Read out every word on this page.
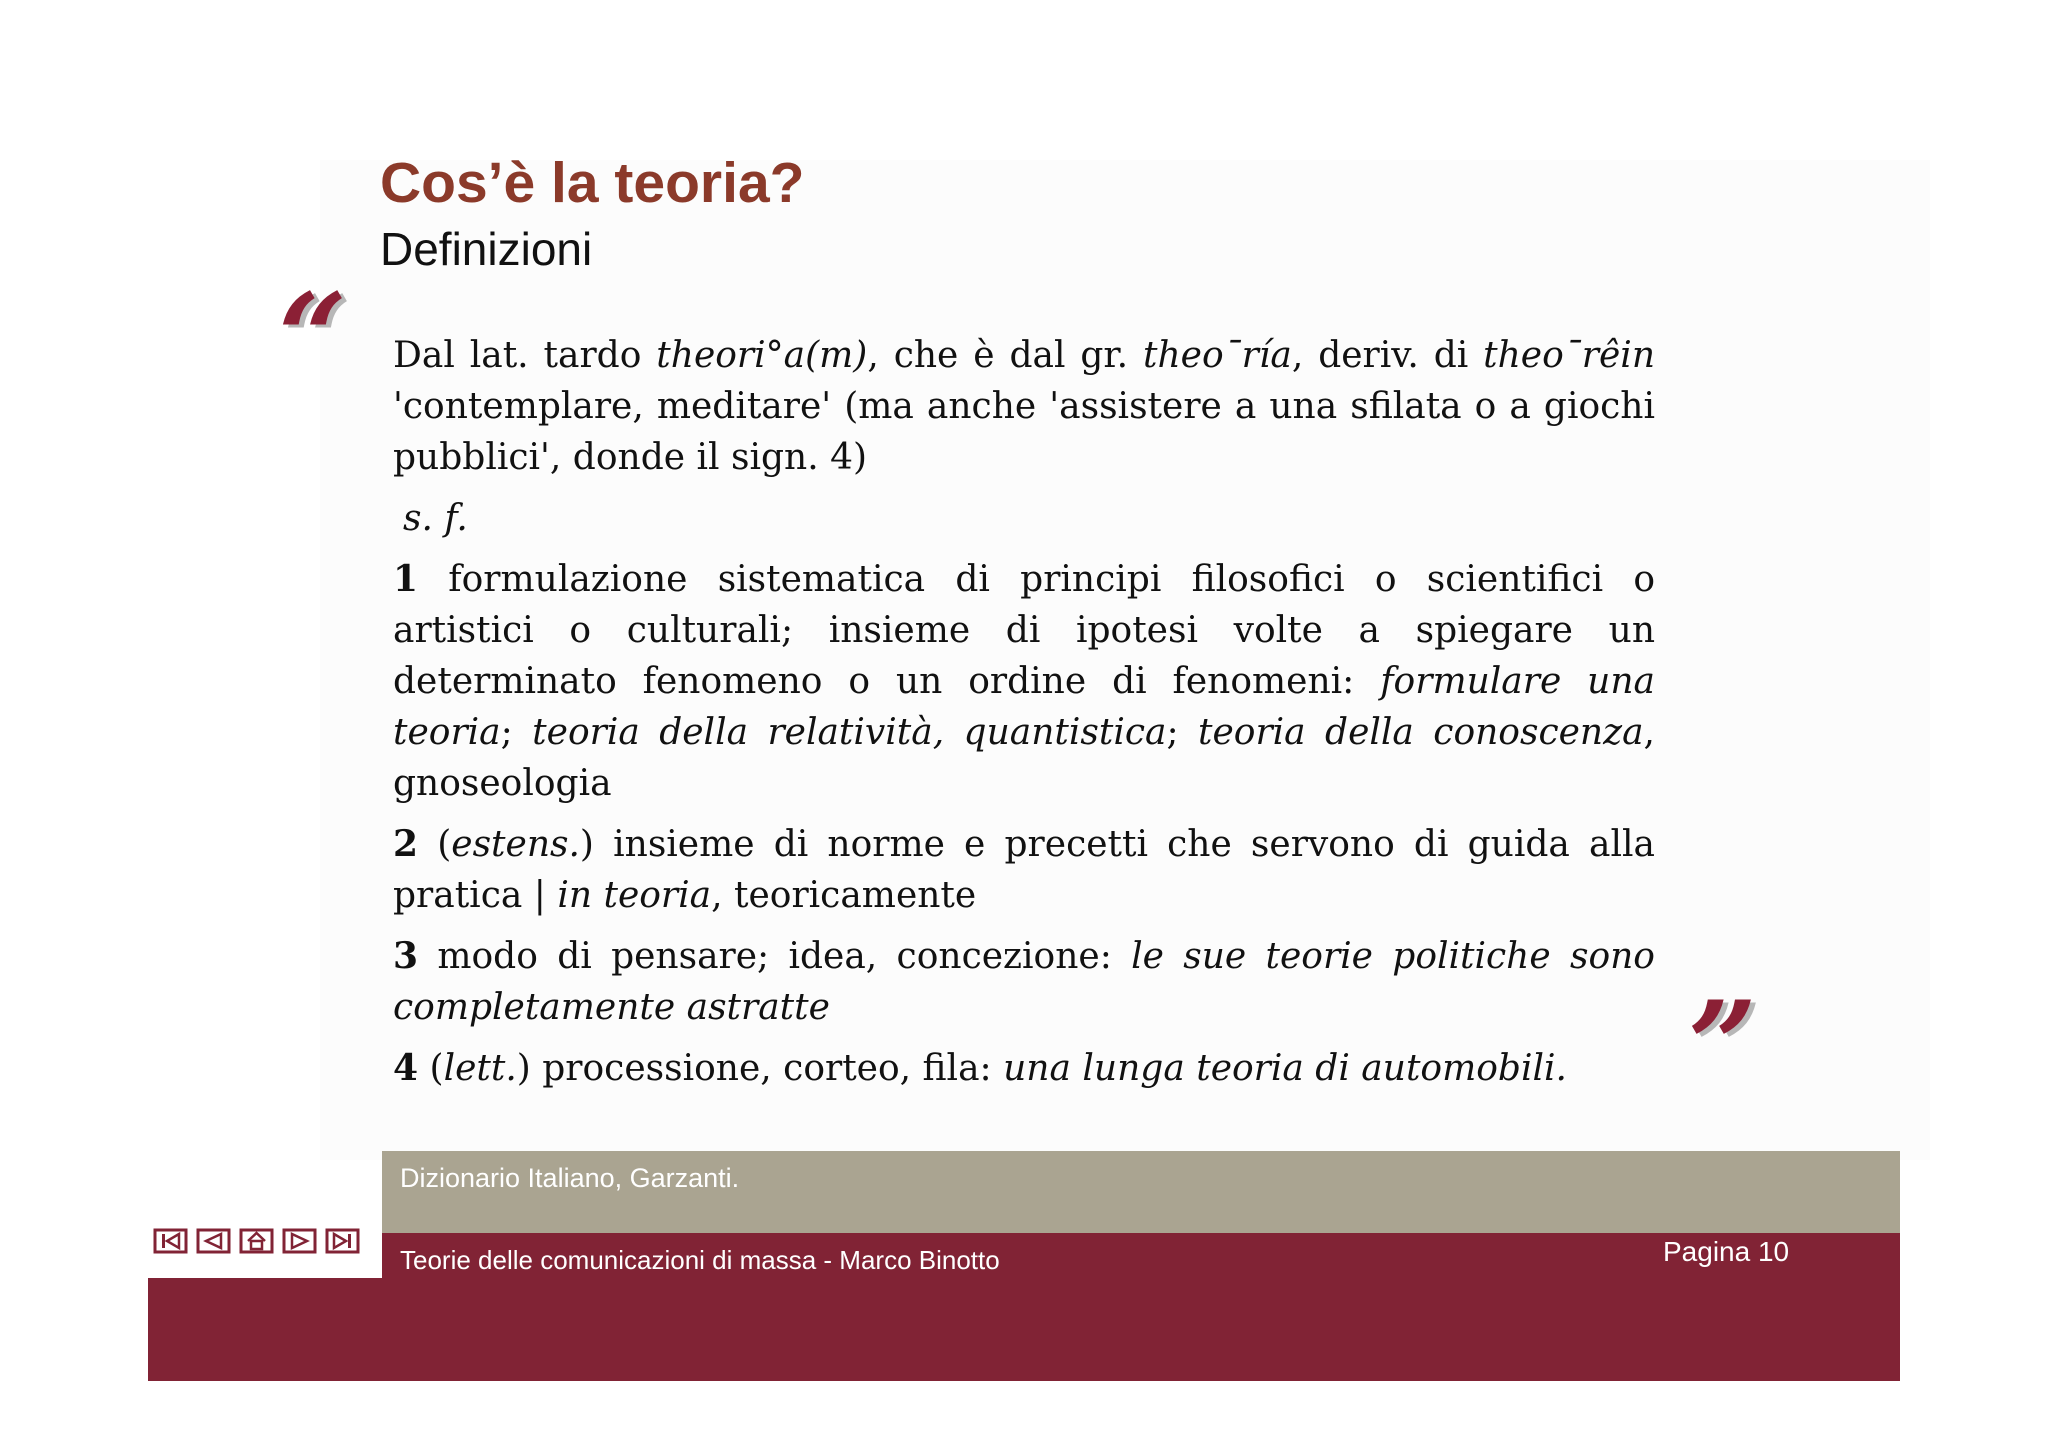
Cos’è la teoria?
Definizioni
“
”

Dal lat. tardo theori°a(m), che è dal gr. theo¯ría, deriv. di theo¯rêin 'contemplare, meditare' (ma anche 'assistere a una sfilata o a giochi pubblici', donde il sign. 4)

s. f.

1 formulazione sistematica di principi filosofici o scientifici o artistici o culturali; insieme di ipotesi volte a spiegare un determinato fenomeno o un ordine di fenomeni: formulare una teoria; teoria della relatività, quantistica; teoria della conoscenza, gnoseologia

2 (estens.) insieme di norme e precetti che servono di guida alla pratica | in teoria, teoricamente

3 modo di pensare; idea, concezione: le sue teorie politiche sono completamente astratte

4 (lett.) processione, corteo, fila: una lunga teoria di automobili.

Dizionario Italiano, Garzanti.
Teorie delle comunicazioni di massa - Marco Binotto	Pagina 10
